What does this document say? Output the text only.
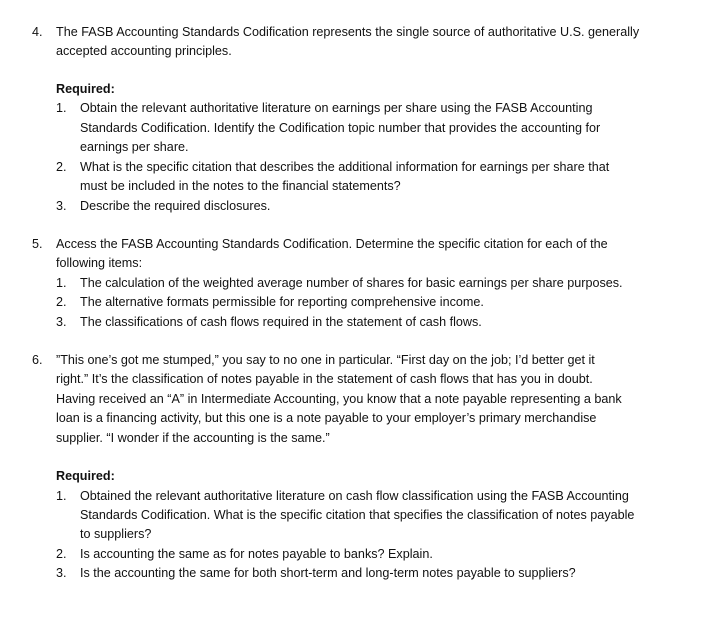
4. The FASB Accounting Standards Codification represents the single source of authoritative U.S. generally
accepted accounting principles.
Required:
1. Obtain the relevant authoritative literature on earnings per share using the FASB Accounting
Standards Codification. Identify the Codification topic number that provides the accounting for
earnings per share.
2. What is the specific citation that describes the additional information for earnings per share that
must be included in the notes to the financial statements?
3. Describe the required disclosures.
5. Access the FASB Accounting Standards Codification. Determine the specific citation for each of the
following items:
1. The calculation of the weighted average number of shares for basic earnings per share purposes.
2. The alternative formats permissible for reporting comprehensive income.
3. The classifications of cash flows required in the statement of cash flows.
6. ”This one’s got me stumped,” you say to no one in particular. “First day on the job; I’d better get it
right.” It’s the classification of notes payable in the statement of cash flows that has you in doubt.
Having received an “A” in Intermediate Accounting, you know that a note payable representing a bank
loan is a financing activity, but this one is a note payable to your employer’s primary merchandise
supplier. “I wonder if the accounting is the same.”
Required:
1. Obtained the relevant authoritative literature on cash flow classification using the FASB Accounting
Standards Codification. What is the specific citation that specifies the classification of notes payable
to suppliers?
2. Is accounting the same as for notes payable to banks? Explain.
3. Is the accounting the same for both short-term and long-term notes payable to suppliers?
